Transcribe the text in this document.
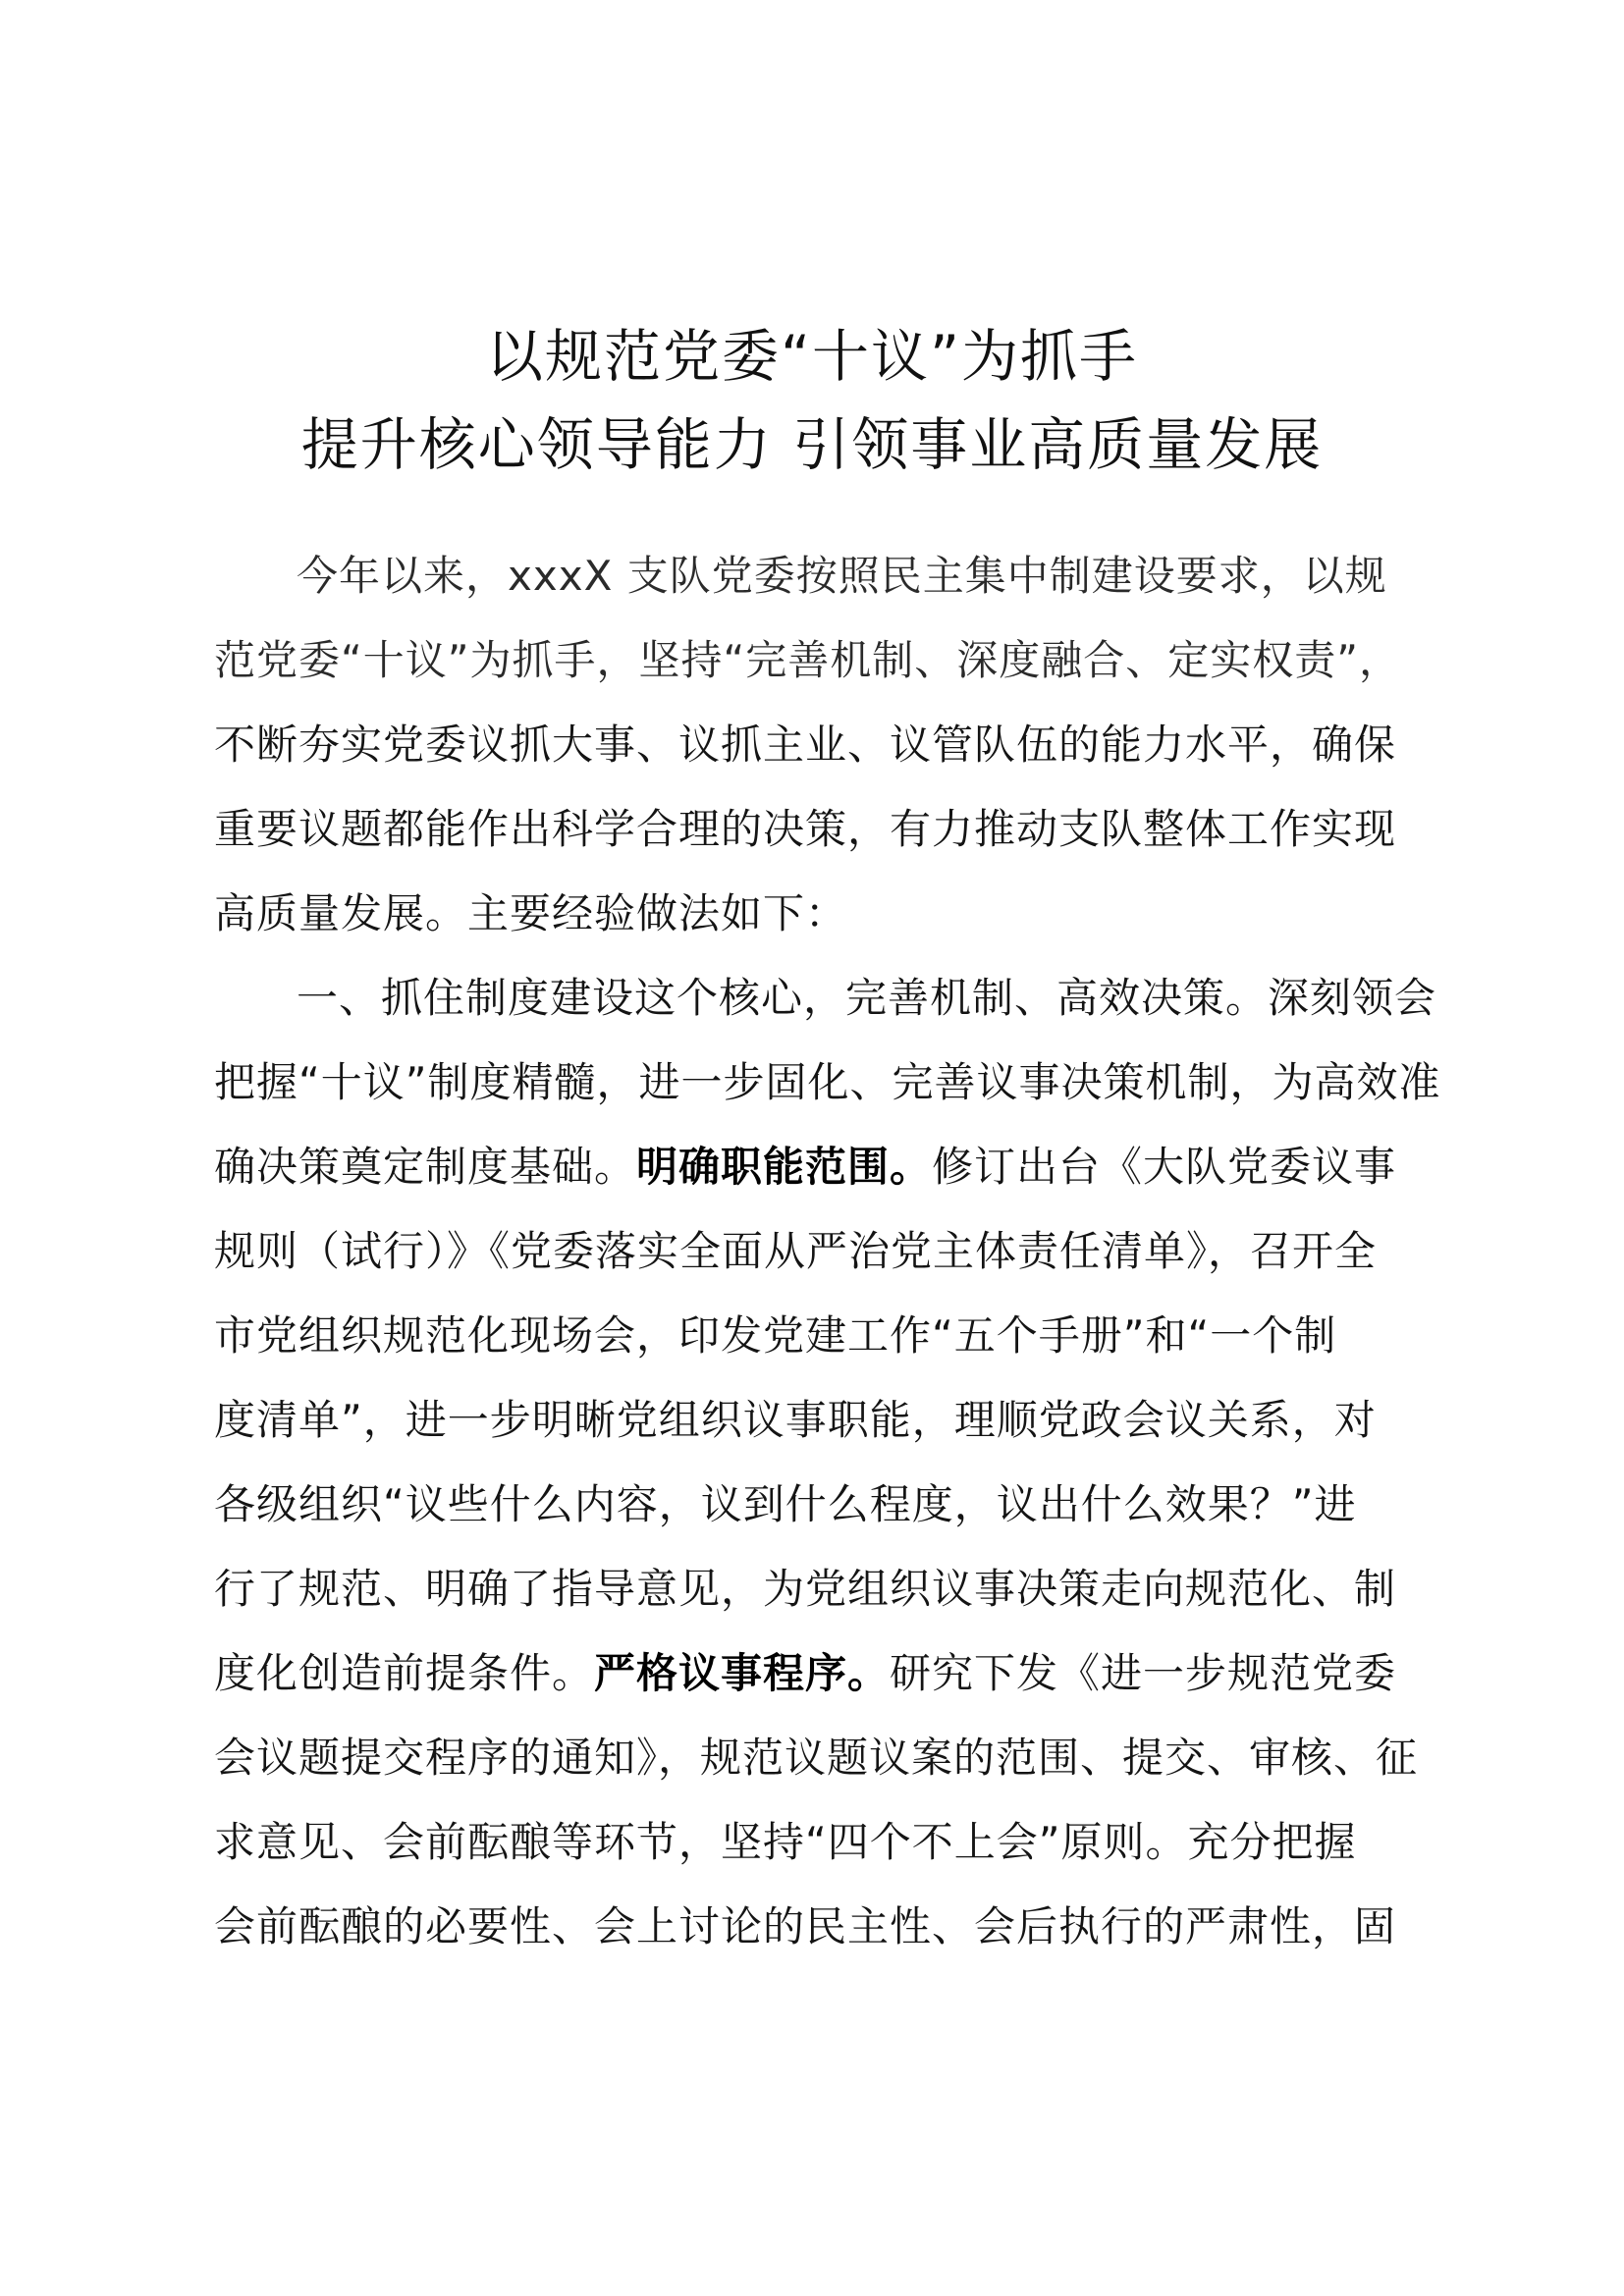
以规范党委“十议”为抓手
提升核心领导能力 引领事业高质量发展
今年以来，xxxX 支队党委按照民主集中制建设要求，以规
范党委“十议”为抓手，坚持“完善机制、深度融合、定实权责”，
不断夯实党委议抓大事、议抓主业、议管队伍的能力水平，确保
重要议题都能作出科学合理的决策，有力推动支队整体工作实现
高质量发展。主要经验做法如下：
一、抓住制度建设这个核心，完善机制、高效决策。深刻领会
把握“十议”制度精髓，进一步固化、完善议事决策机制，为高效准
确决策奠定制度基础。明确职能范围。修订出台《大队党委议事
规则（试行）》《党委落实全面从严治党主体责任清单》，召开全
市党组织规范化现场会，印发党建工作“五个手册”和“一个制
度清单”，进一步明晰党组织议事职能，理顺党政会议关系，对
各级组织“议些什么内容，议到什么程度，议出什么效果？”进
行了规范、明确了指导意见，为党组织议事决策走向规范化、制
度化创造前提条件。严格议事程序。研究下发《进一步规范党委
会议题提交程序的通知》，规范议题议案的范围、提交、审核、征
求意见、会前酝酿等环节，坚持“四个不上会”原则。充分把握
会前酝酿的必要性、会上讨论的民主性、会后执行的严肃性，固
